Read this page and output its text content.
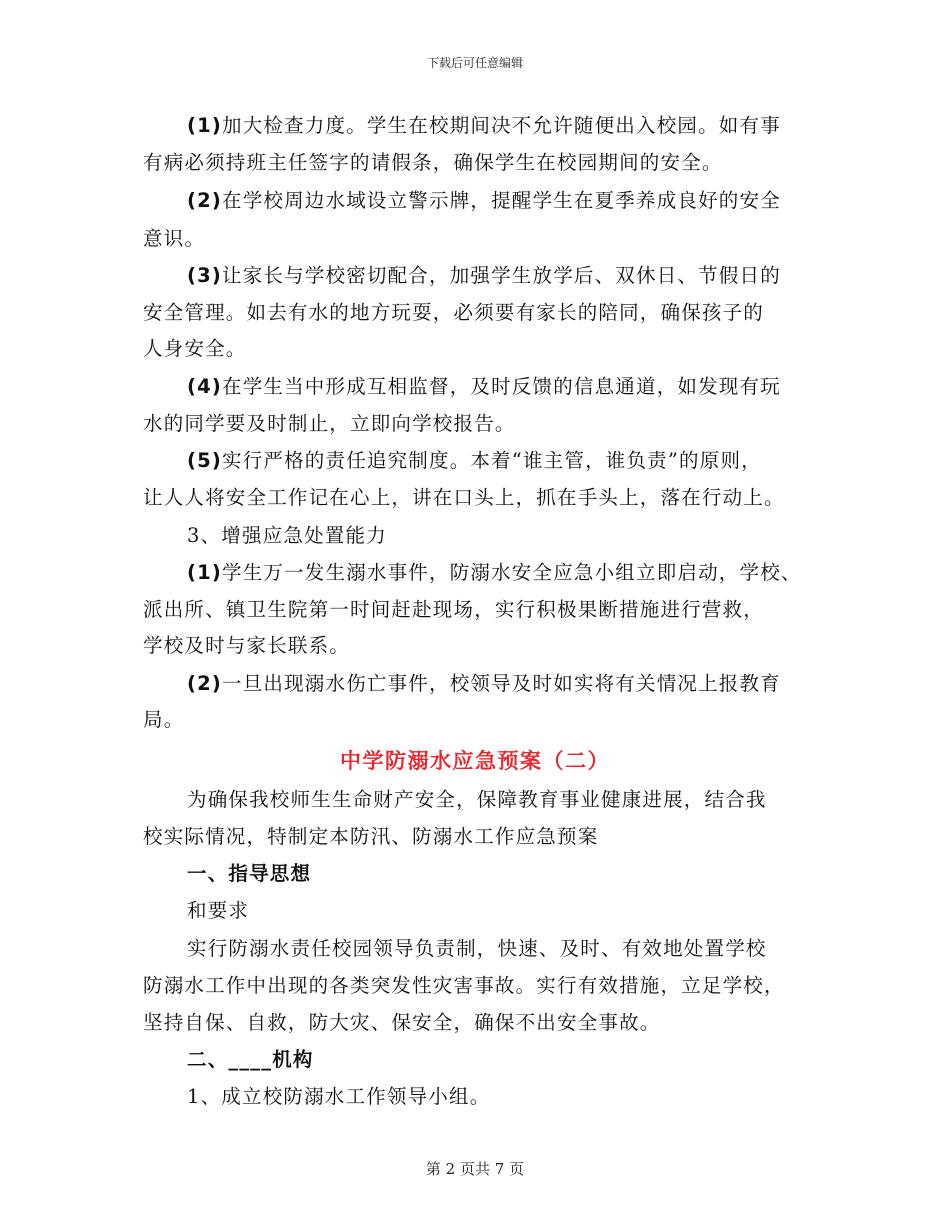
下载后可任意编辑
(1)加大检查力度。学生在校期间决不允许随便出入校园。如有事
有病必须持班主任签字的请假条，确保学生在校园期间的安全。
(2)在学校周边水域设立警示牌，提醒学生在夏季养成良好的安全
意识。
(3)让家长与学校密切配合，加强学生放学后、双休日、节假日的
安全管理。如去有水的地方玩耍，必须要有家长的陪同，确保孩子的
人身安全。
(4)在学生当中形成互相监督，及时反馈的信息通道，如发现有玩
水的同学要及时制止，立即向学校报告。
(5)实行严格的责任追究制度。本着“谁主管，谁负责”的原则，
让人人将安全工作记在心上，讲在口头上，抓在手头上，落在行动上。
3、增强应急处置能力
(1)学生万一发生溺水事件，防溺水安全应急小组立即启动，学校、
派出所、镇卫生院第一时间赶赴现场，实行积极果断措施进行营救，
学校及时与家长联系。
(2)一旦出现溺水伤亡事件，校领导及时如实将有关情况上报教育
局。
中学防溺水应急预案（二）
为确保我校师生生命财产安全，保障教育事业健康进展，结合我
校实际情况，特制定本防汛、防溺水工作应急预案
一、指导思想
和要求
实行防溺水责任校园领导负责制，快速、及时、有效地处置学校
防溺水工作中出现的各类突发性灾害事故。实行有效措施，立足学校，
坚持自保、自救，防大灾、保安全，确保不出安全事故。
二、____机构
1、成立校防溺水工作领导小组。
第 2 页共 7 页
